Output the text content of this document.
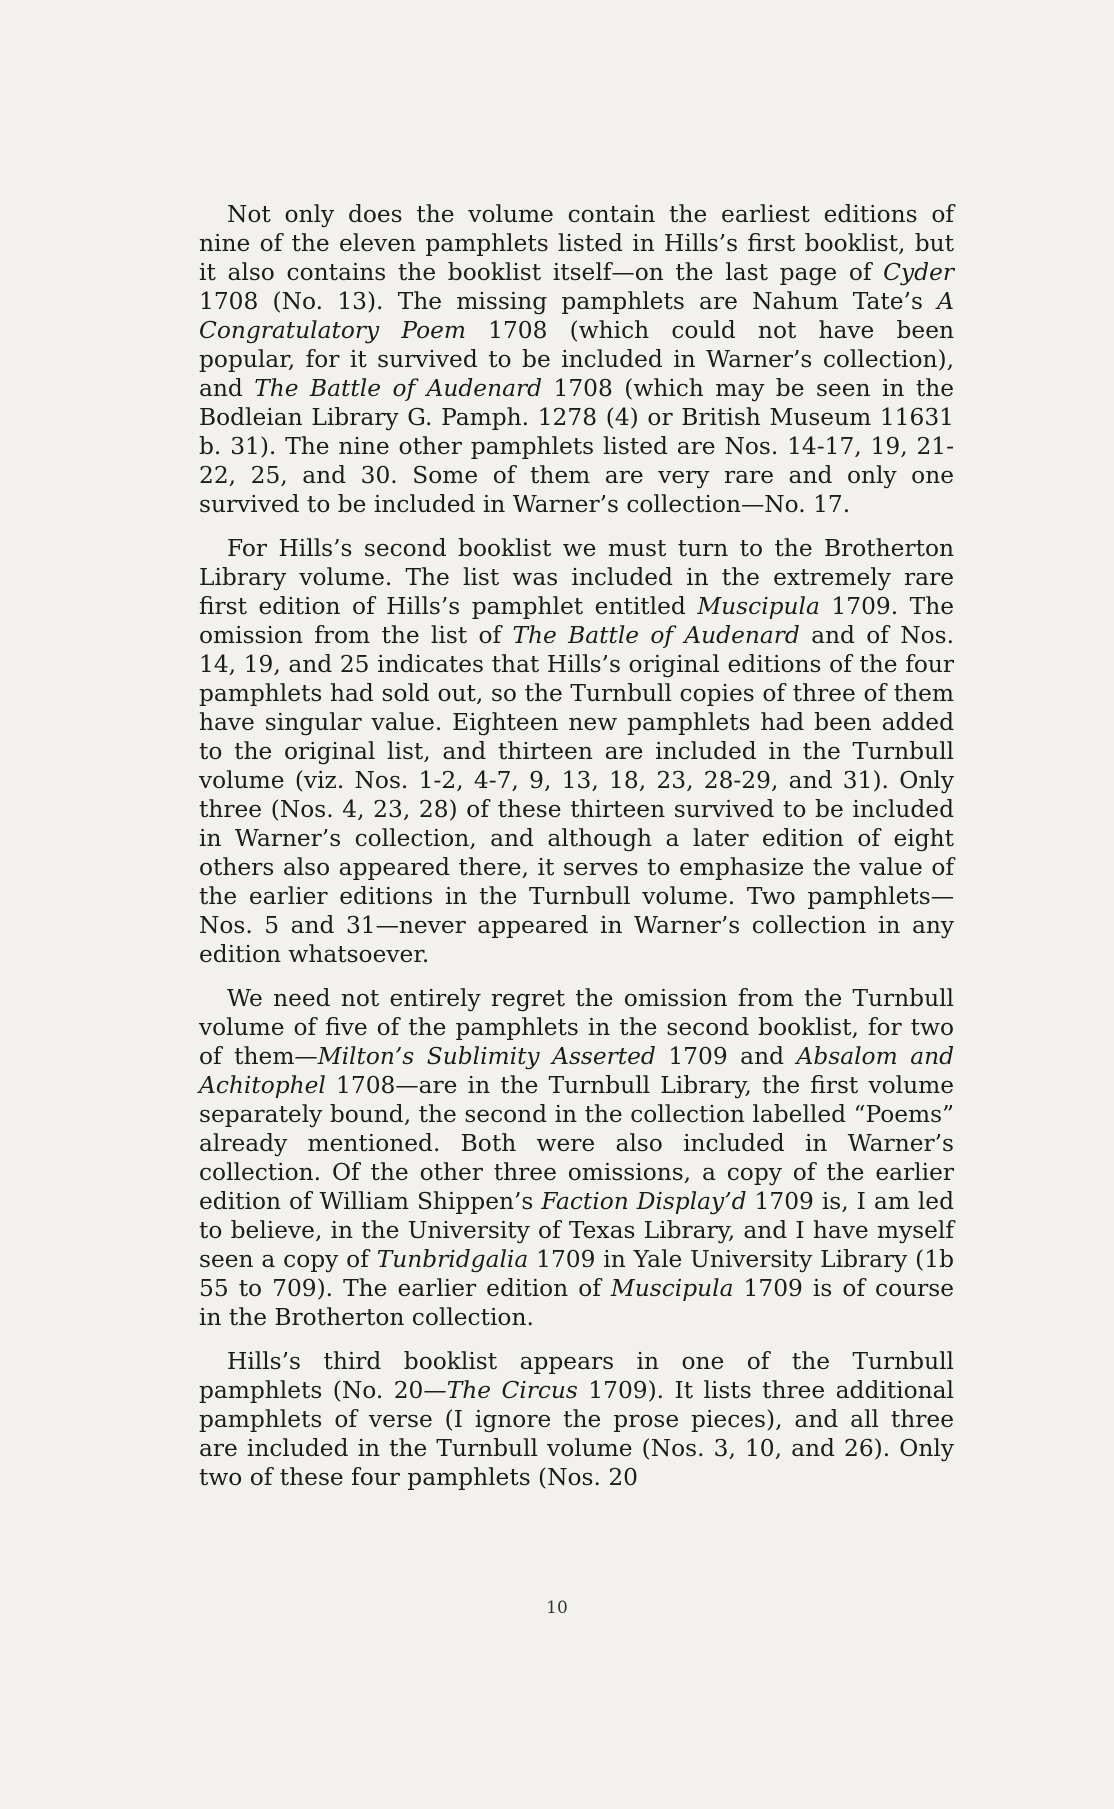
Not only does the volume contain the earliest editions of nine of the eleven pamphlets listed in Hills’s first booklist, but it also contains the booklist itself—on the last page of Cyder 1708 (No. 13). The missing pamphlets are Nahum Tate’s A Congratulatory Poem 1708 (which could not have been popular, for it survived to be included in Warner’s collection), and The Battle of Audenard 1708 (which may be seen in the Bodleian Library G. Pamph. 1278 (4) or British Museum 11631 b. 31). The nine other pamphlets listed are Nos. 14-17, 19, 21-22, 25, and 30. Some of them are very rare and only one survived to be included in Warner’s collection—No. 17.

For Hills’s second booklist we must turn to the Brotherton Library volume. The list was included in the extremely rare first edition of Hills’s pamphlet entitled Muscipula 1709. The omission from the list of The Battle of Audenard and of Nos. 14, 19, and 25 indicates that Hills’s original editions of the four pamphlets had sold out, so the Turnbull copies of three of them have singular value. Eighteen new pamphlets had been added to the original list, and thirteen are included in the Turnbull volume (viz. Nos. 1-2, 4-7, 9, 13, 18, 23, 28-29, and 31). Only three (Nos. 4, 23, 28) of these thirteen survived to be included in Warner’s collection, and although a later edition of eight others also appeared there, it serves to emphasize the value of the earlier editions in the Turnbull volume. Two pamphlets—Nos. 5 and 31—never appeared in Warner’s collection in any edition whatsoever.

We need not entirely regret the omission from the Turnbull volume of five of the pamphlets in the second booklist, for two of them—Milton’s Sublimity Asserted 1709 and Absalom and Achitophel 1708—are in the Turnbull Library, the first volume separately bound, the second in the collection labelled “Poems” already mentioned. Both were also included in Warner’s collection. Of the other three omissions, a copy of the earlier edition of William Shippen’s Faction Display’d 1709 is, I am led to believe, in the University of Texas Library, and I have myself seen a copy of Tunbridgalia 1709 in Yale University Library (1b 55 to 709). The earlier edition of Muscipula 1709 is of course in the Brotherton collection.

Hills’s third booklist appears in one of the Turnbull pamphlets (No. 20—The Circus 1709). It lists three additional pamphlets of verse (I ignore the prose pieces), and all three are included in the Turnbull volume (Nos. 3, 10, and 26). Only two of these four pamphlets (Nos. 20

10
